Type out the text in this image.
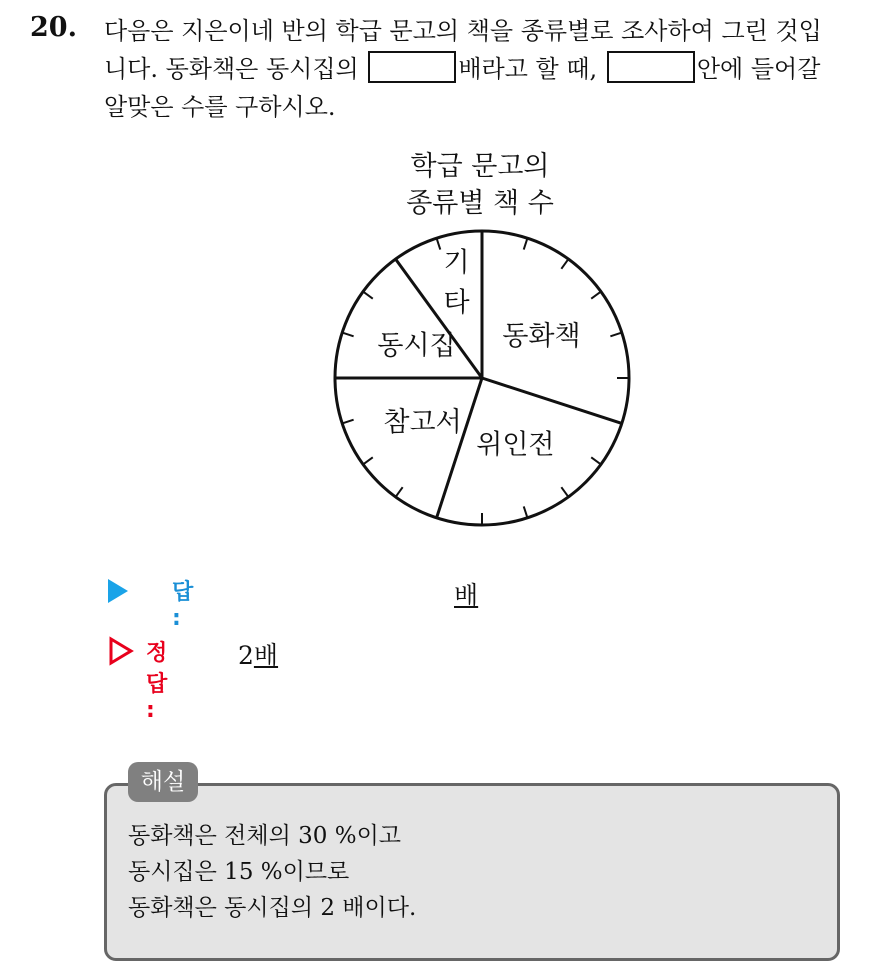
20. 다음은 지은이네 반의 학급 문고의 책을 종류별로 조사하여 그린 것입
니다. 동화책은 동시집의	배라고 할 때,	안에 들어갈
알맞은 수를 구하시오.
학급 문고의
종류별 책 수
동화책
위인전
참고서
동시집
기 타
답 :
배
정답 :
2배
해설
동화책은 전체의 30 %이고
동시집은 15 %이므로
동화책은 동시집의 2 배이다.
